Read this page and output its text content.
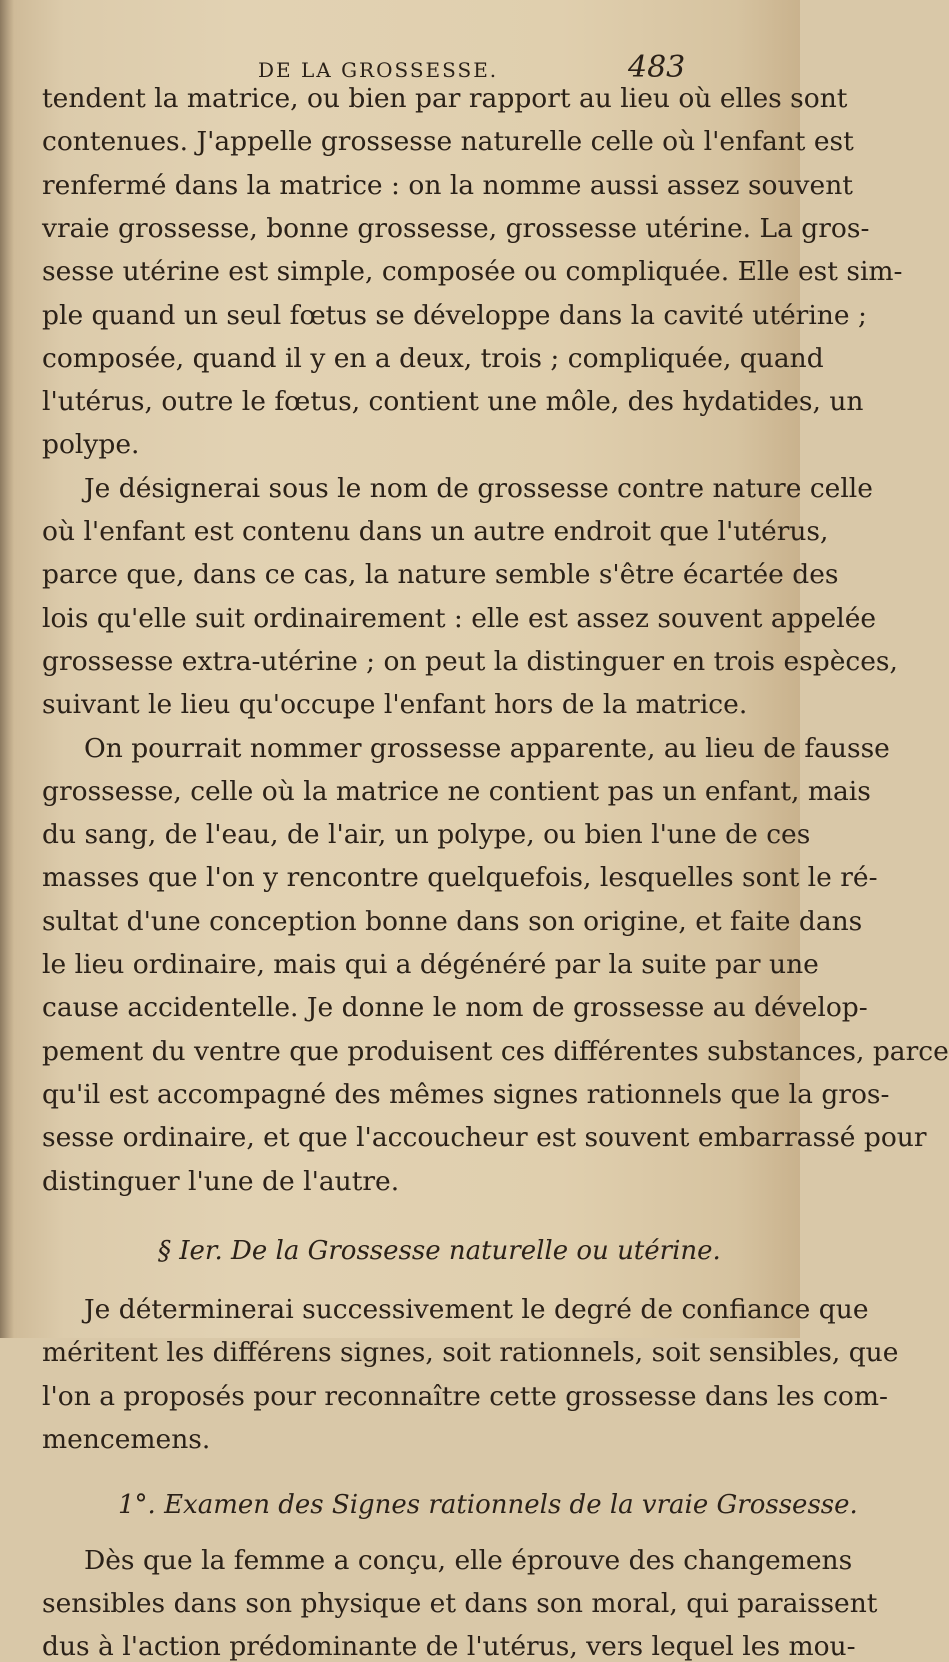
DE LA GROSSESSE.	483
tendent la matrice, ou bien par rapport au lieu où elles sont
contenues. J'appelle grossesse naturelle celle où l'enfant est
renfermé dans la matrice : on la nomme aussi assez souvent
vraie grossesse, bonne grossesse, grossesse utérine. La gros-
sesse utérine est simple, composée ou compliquée. Elle est sim-
ple quand un seul fœtus se développe dans la cavité utérine ;
composée, quand il y en a deux, trois ; compliquée, quand
l'utérus, outre le fœtus, contient une môle, des hydatides, un
polype.
Je désignerai sous le nom de grossesse contre nature celle
où l'enfant est contenu dans un autre endroit que l'utérus,
parce que, dans ce cas, la nature semble s'être écartée des
lois qu'elle suit ordinairement : elle est assez souvent appelée
grossesse extra-utérine ; on peut la distinguer en trois espèces,
suivant le lieu qu'occupe l'enfant hors de la matrice.
On pourrait nommer grossesse apparente, au lieu de fausse
grossesse, celle où la matrice ne contient pas un enfant, mais
du sang, de l'eau, de l'air, un polype, ou bien l'une de ces
masses que l'on y rencontre quelquefois, lesquelles sont le ré-
sultat d'une conception bonne dans son origine, et faite dans
le lieu ordinaire, mais qui a dégénéré par la suite par une
cause accidentelle. Je donne le nom de grossesse au dévelop-
pement du ventre que produisent ces différentes substances, parce
qu'il est accompagné des mêmes signes rationnels que la gros-
sesse ordinaire, et que l'accoucheur est souvent embarrassé pour
distinguer l'une de l'autre.
§ Ier. De la Grossesse naturelle ou utérine.
Je déterminerai successivement le degré de confiance que
méritent les différens signes, soit rationnels, soit sensibles, que
l'on a proposés pour reconnaître cette grossesse dans les com-
mencemens.
1°. Examen des Signes rationnels de la vraie Grossesse.
Dès que la femme a conçu, elle éprouve des changemens
sensibles dans son physique et dans son moral, qui paraissent
dus à l'action prédominante de l'utérus, vers lequel les mou-
